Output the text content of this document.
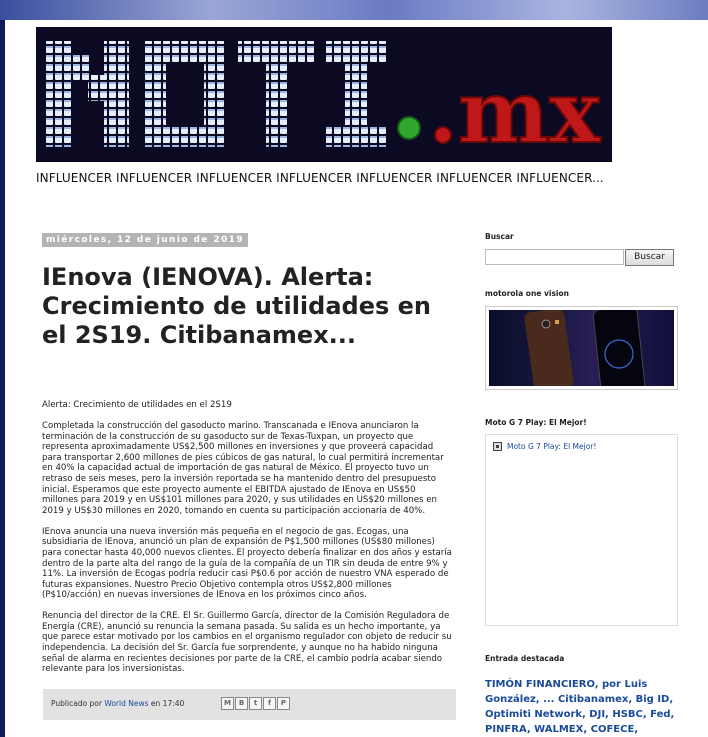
.mx
INFLUENCER INFLUENCER INFLUENCER INFLUENCER INFLUENCER INFLUENCER INFLUENCER...
miércoles, 12 de junio de 2019
IEnova (IENOVA). Alerta: Crecimiento de utilidades en el 2S19. Citibanamex...

Alerta: Crecimiento de utilidades en el 2S19

Completada la construcción del gasoducto marino. Transcanada e IEnova anunciaron la terminación de la construcción de su gasoducto sur de Texas-Tuxpan, un proyecto que representa aproximadamente US$2,500 millones en inversiones y que proveerá capacidad para transportar 2,600 millones de pies cúbicos de gas natural, lo cual permitirá incrementar en 40% la capacidad actual de importación de gas natural de México. El proyecto tuvo un retraso de seis meses, pero la inversión reportada se ha mantenido dentro del presupuesto inicial. Esperamos que este proyecto aumente el EBITDA ajustado de IEnova en US$50 millones para 2019 y en US$101 millones para 2020, y sus utilidades en US$20 millones en 2019 y US$30 millones en 2020, tomando en cuenta su participación accionaria de 40%.

IEnova anuncia una nueva inversión más pequeña en el negocio de gas. Ecogas, una subsidiaria de IEnova, anunció un plan de expansión de P$1,500 millones (US$80 millones) para conectar hasta 40,000 nuevos clientes. El proyecto debería finalizar en dos años y estaría dentro de la parte alta del rango de la guía de la compañía de un TIR sin deuda de entre 9% y 11%. La inversión de Ecogas podría reducir casi P$0.6 por acción de nuestro VNA esperado de futuras expansiones. Nuestro Precio Objetivo contempla otros US$2,800 millones (P$10/acción) en nuevas inversiones de IEnova en los próximos cinco años.

Renuncia del director de la CRE. El Sr. Guillermo García, director de la Comisión Reguladora de Energía (CRE), anunció su renuncia la semana pasada. Su salida es un hecho importante, ya que parece estar motivado por los cambios en el organismo regulador con objeto de reducir su independencia. La decisión del Sr. García fue sorprendente, y aunque no ha habido ninguna señal de alarma en recientes decisiones por parte de la CRE, el cambio podría acabar siendo relevante para los inversionistas.

Publicado por World News en 17:40	M	B	t	f	P
Buscar
Buscar
motorola one vision
Moto G 7 Play: El Mejor!
Moto G 7 Play: El Mejor!
Entrada destacada
TIMÓN FINANCIERO, por Luis González, ... Citibanamex, Big ID, Optimiti Network, DJI, HSBC, Fed, PINFRA, WALMEX, COFECE,
